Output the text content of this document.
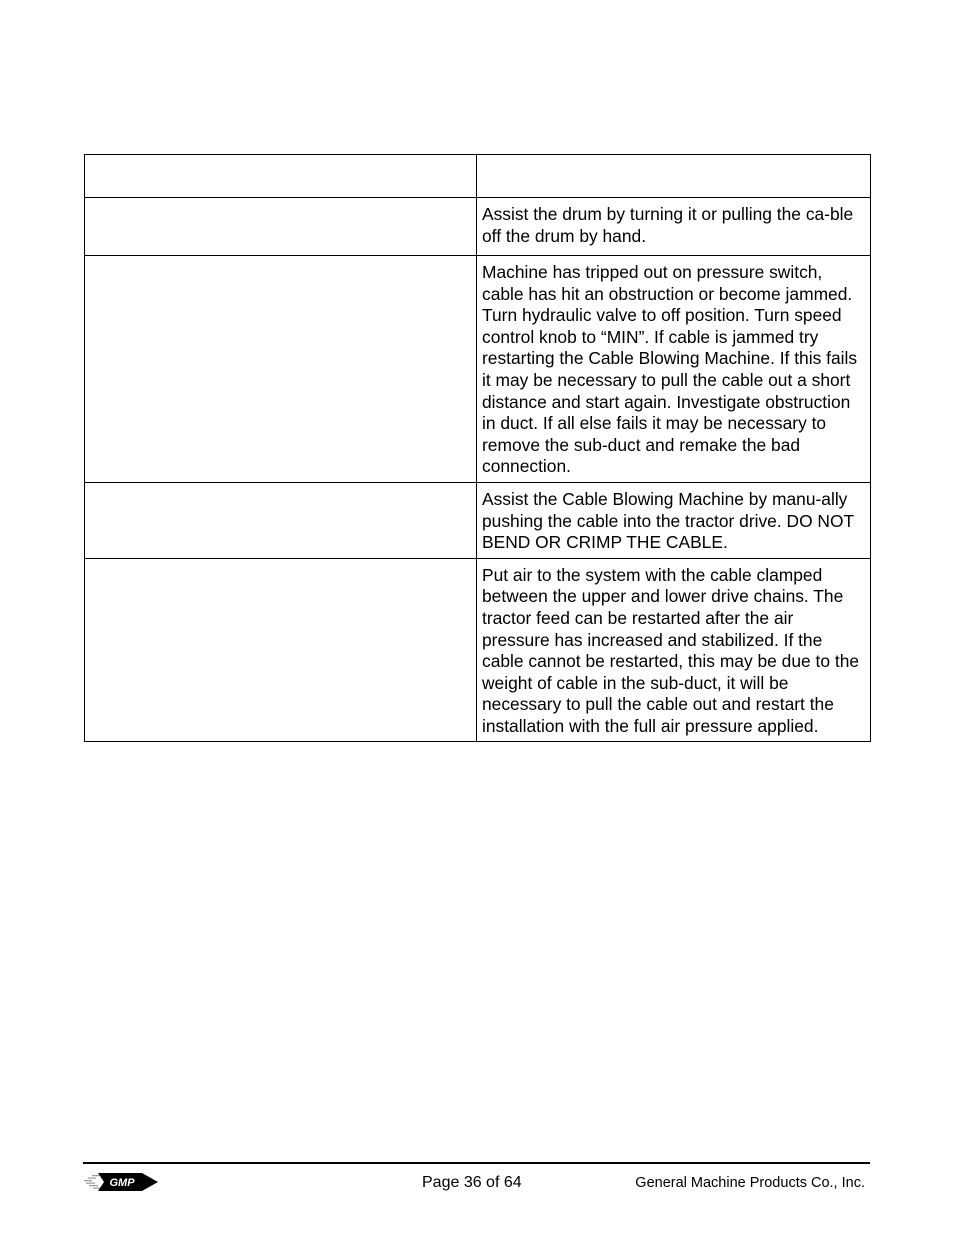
	Assist the drum by turning it or pulling the ca-ble off the drum by hand.
	Machine has tripped out on pressure switch, cable has hit an obstruction or become jammed. Turn hydraulic valve to off position. Turn speed control knob to “MIN”. If cable is jammed try restarting the Cable Blowing Machine. If this fails it may be necessary to pull the cable out a short distance and start again. Investigate obstruction in duct. If all else fails it may be necessary to remove the sub-duct and remake the bad connection.
	Assist the Cable Blowing Machine by manu-ally pushing the cable into the tractor drive. DO NOT BEND OR CRIMP THE CABLE.
	Put air to the system with the cable clamped between the upper and lower drive chains. The tractor feed can be restarted after the air pressure has increased and stabilized. If the cable cannot be restarted, this may be due to the weight of cable in the sub-duct, it will be necessary to pull the cable out and restart the installation with the full air pressure applied.
GMP	Page 36 of 64	General Machine Products Co., Inc.
